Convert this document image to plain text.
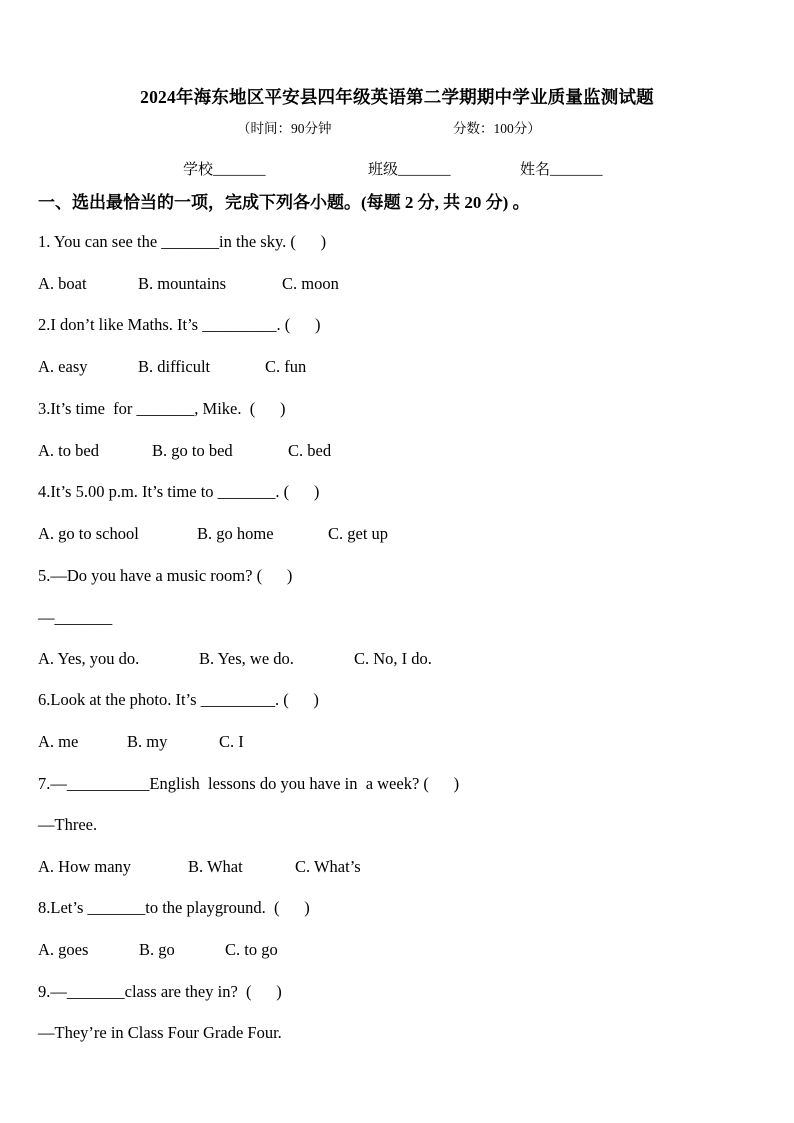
2024年海东地区平安县四年级英语第二学期期中学业质量监测试题
（时间：90分钟	分数：100分）
学校_______	班级_______	姓名_______
一、选出最恰当的一项，完成下列各小题。(每题 2 分, 共 20 分) 。
1. You can see the _______in the sky. (      )
A. boat	B. mountains	C. moon
2.I don’t like Maths. It’s _________. (      )
A. easy	B. difficult	C. fun
3.It’s time  for _______, Mike.  (      )
A. to bed	B. go to bed	C. bed
4.It’s 5.00 p.m. It’s time to _______. (      )
A. go to school	B. go home	C. get up
5.—Do you have a music room? (      )
—_______
A. Yes, you do.	B. Yes, we do.	C. No, I do.
6.Look at the photo. It’s _________. (      )
A. me	B. my	C. I
7.—__________English  lessons do you have in  a week? (      )
—Three.
A. How many	B. What	C. What’s
8.Let’s _______to the playground.  (      )
A. goes	B. go	C. to go
9.—_______class are they in?  (      )
—They’re in Class Four Grade Four.
